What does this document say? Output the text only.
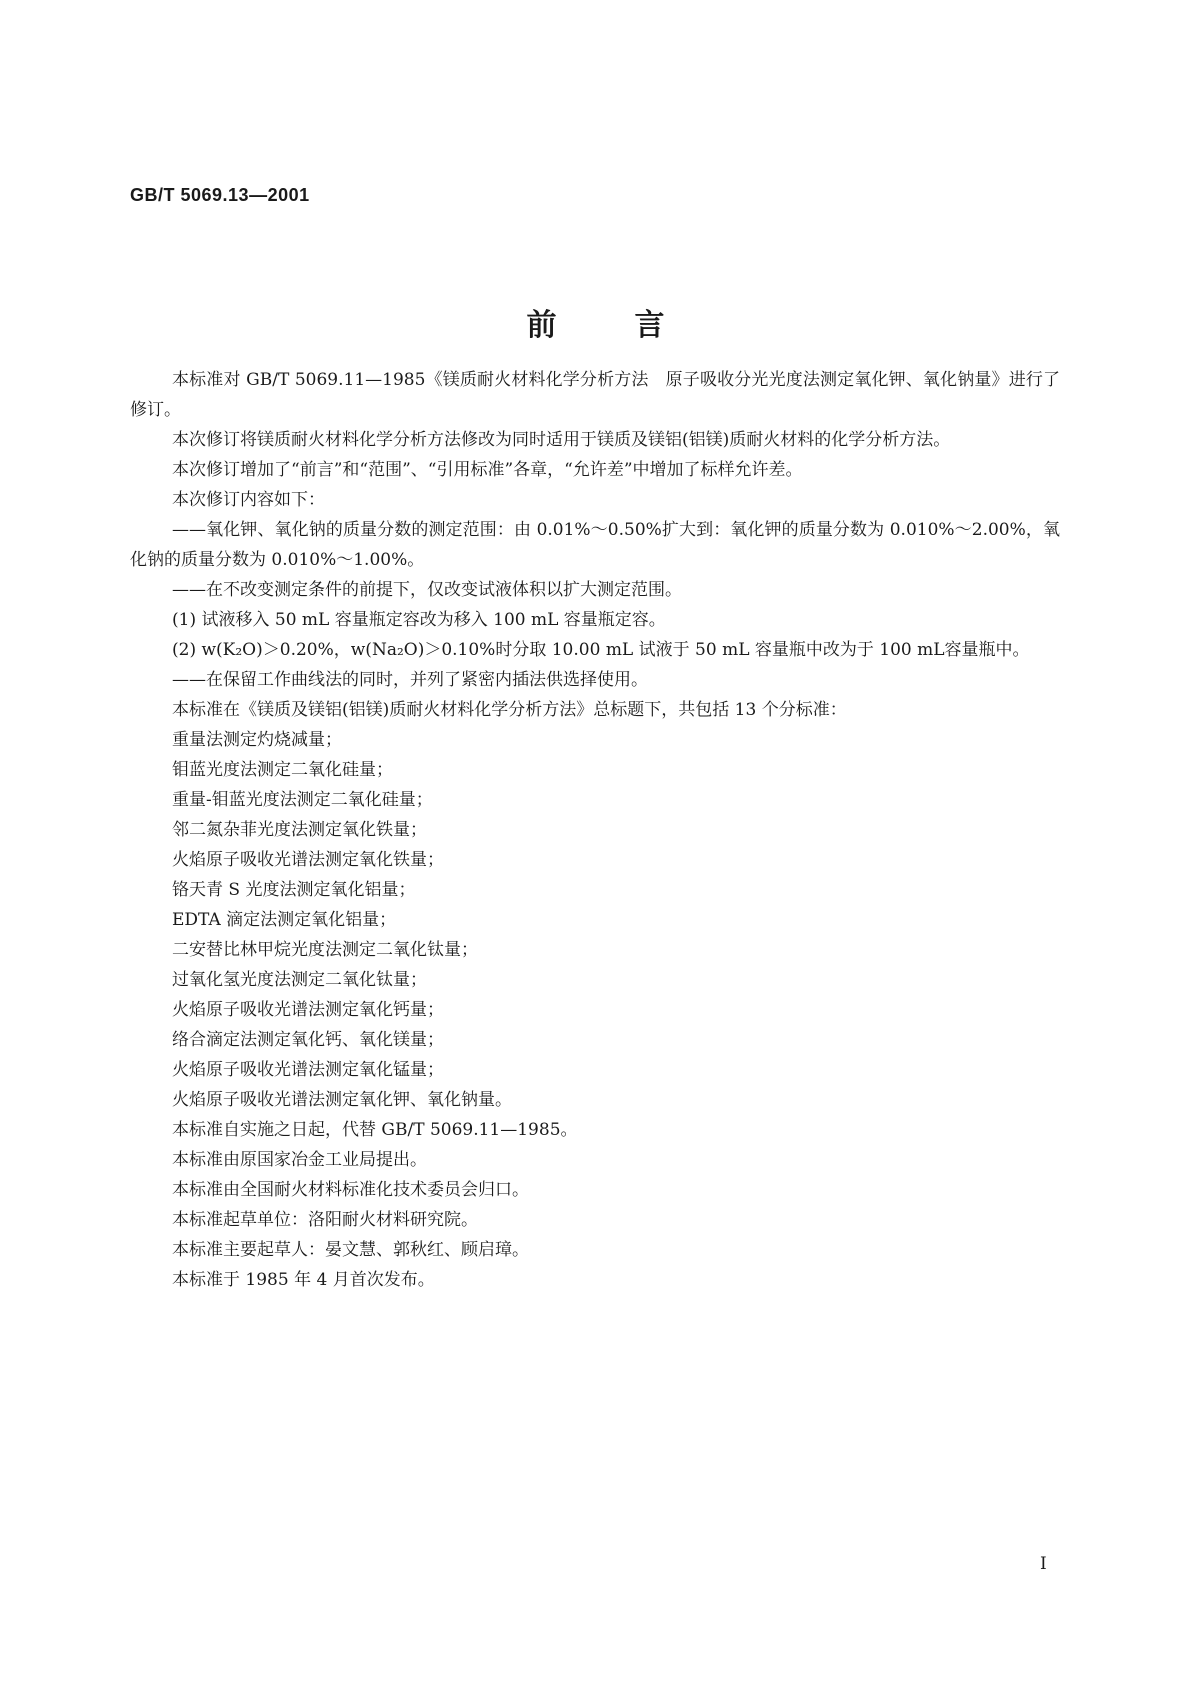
GB/T 5069.13—2001
前	言

本标准对 GB/T 5069.11—1985《镁质耐火材料化学分析方法　原子吸收分光光度法测定氧化钾、氧化钠量》进行了修订。

本次修订将镁质耐火材料化学分析方法修改为同时适用于镁质及镁铝(铝镁)质耐火材料的化学分析方法。

本次修订增加了“前言”和“范围”、“引用标准”各章，“允许差”中增加了标样允许差。

本次修订内容如下：

——氧化钾、氧化钠的质量分数的测定范围：由 0.01%～0.50%扩大到：氧化钾的质量分数为 0.010%～2.00%，氧化钠的质量分数为 0.010%～1.00%。

——在不改变测定条件的前提下，仅改变试液体积以扩大测定范围。

(1) 试液移入 50 mL 容量瓶定容改为移入 100 mL 容量瓶定容。

(2) w(K₂O)＞0.20%，w(Na₂O)＞0.10%时分取 10.00 mL 试液于 50 mL 容量瓶中改为于 100 mL容量瓶中。

——在保留工作曲线法的同时，并列了紧密内插法供选择使用。

本标准在《镁质及镁铝(铝镁)质耐火材料化学分析方法》总标题下，共包括 13 个分标准：

重量法测定灼烧减量；

钼蓝光度法测定二氧化硅量；

重量-钼蓝光度法测定二氧化硅量；

邻二氮杂菲光度法测定氧化铁量；

火焰原子吸收光谱法测定氧化铁量；

铬天青 S 光度法测定氧化铝量；

EDTA 滴定法测定氧化铝量；

二安替比林甲烷光度法测定二氧化钛量；

过氧化氢光度法测定二氧化钛量；

火焰原子吸收光谱法测定氧化钙量；

络合滴定法测定氧化钙、氧化镁量；

火焰原子吸收光谱法测定氧化锰量；

火焰原子吸收光谱法测定氧化钾、氧化钠量。

本标准自实施之日起，代替 GB/T 5069.11—1985。

本标准由原国家冶金工业局提出。

本标准由全国耐火材料标准化技术委员会归口。

本标准起草单位：洛阳耐火材料研究院。

本标准主要起草人：晏文慧、郭秋红、顾启璋。

本标准于 1985 年 4 月首次发布。

I
